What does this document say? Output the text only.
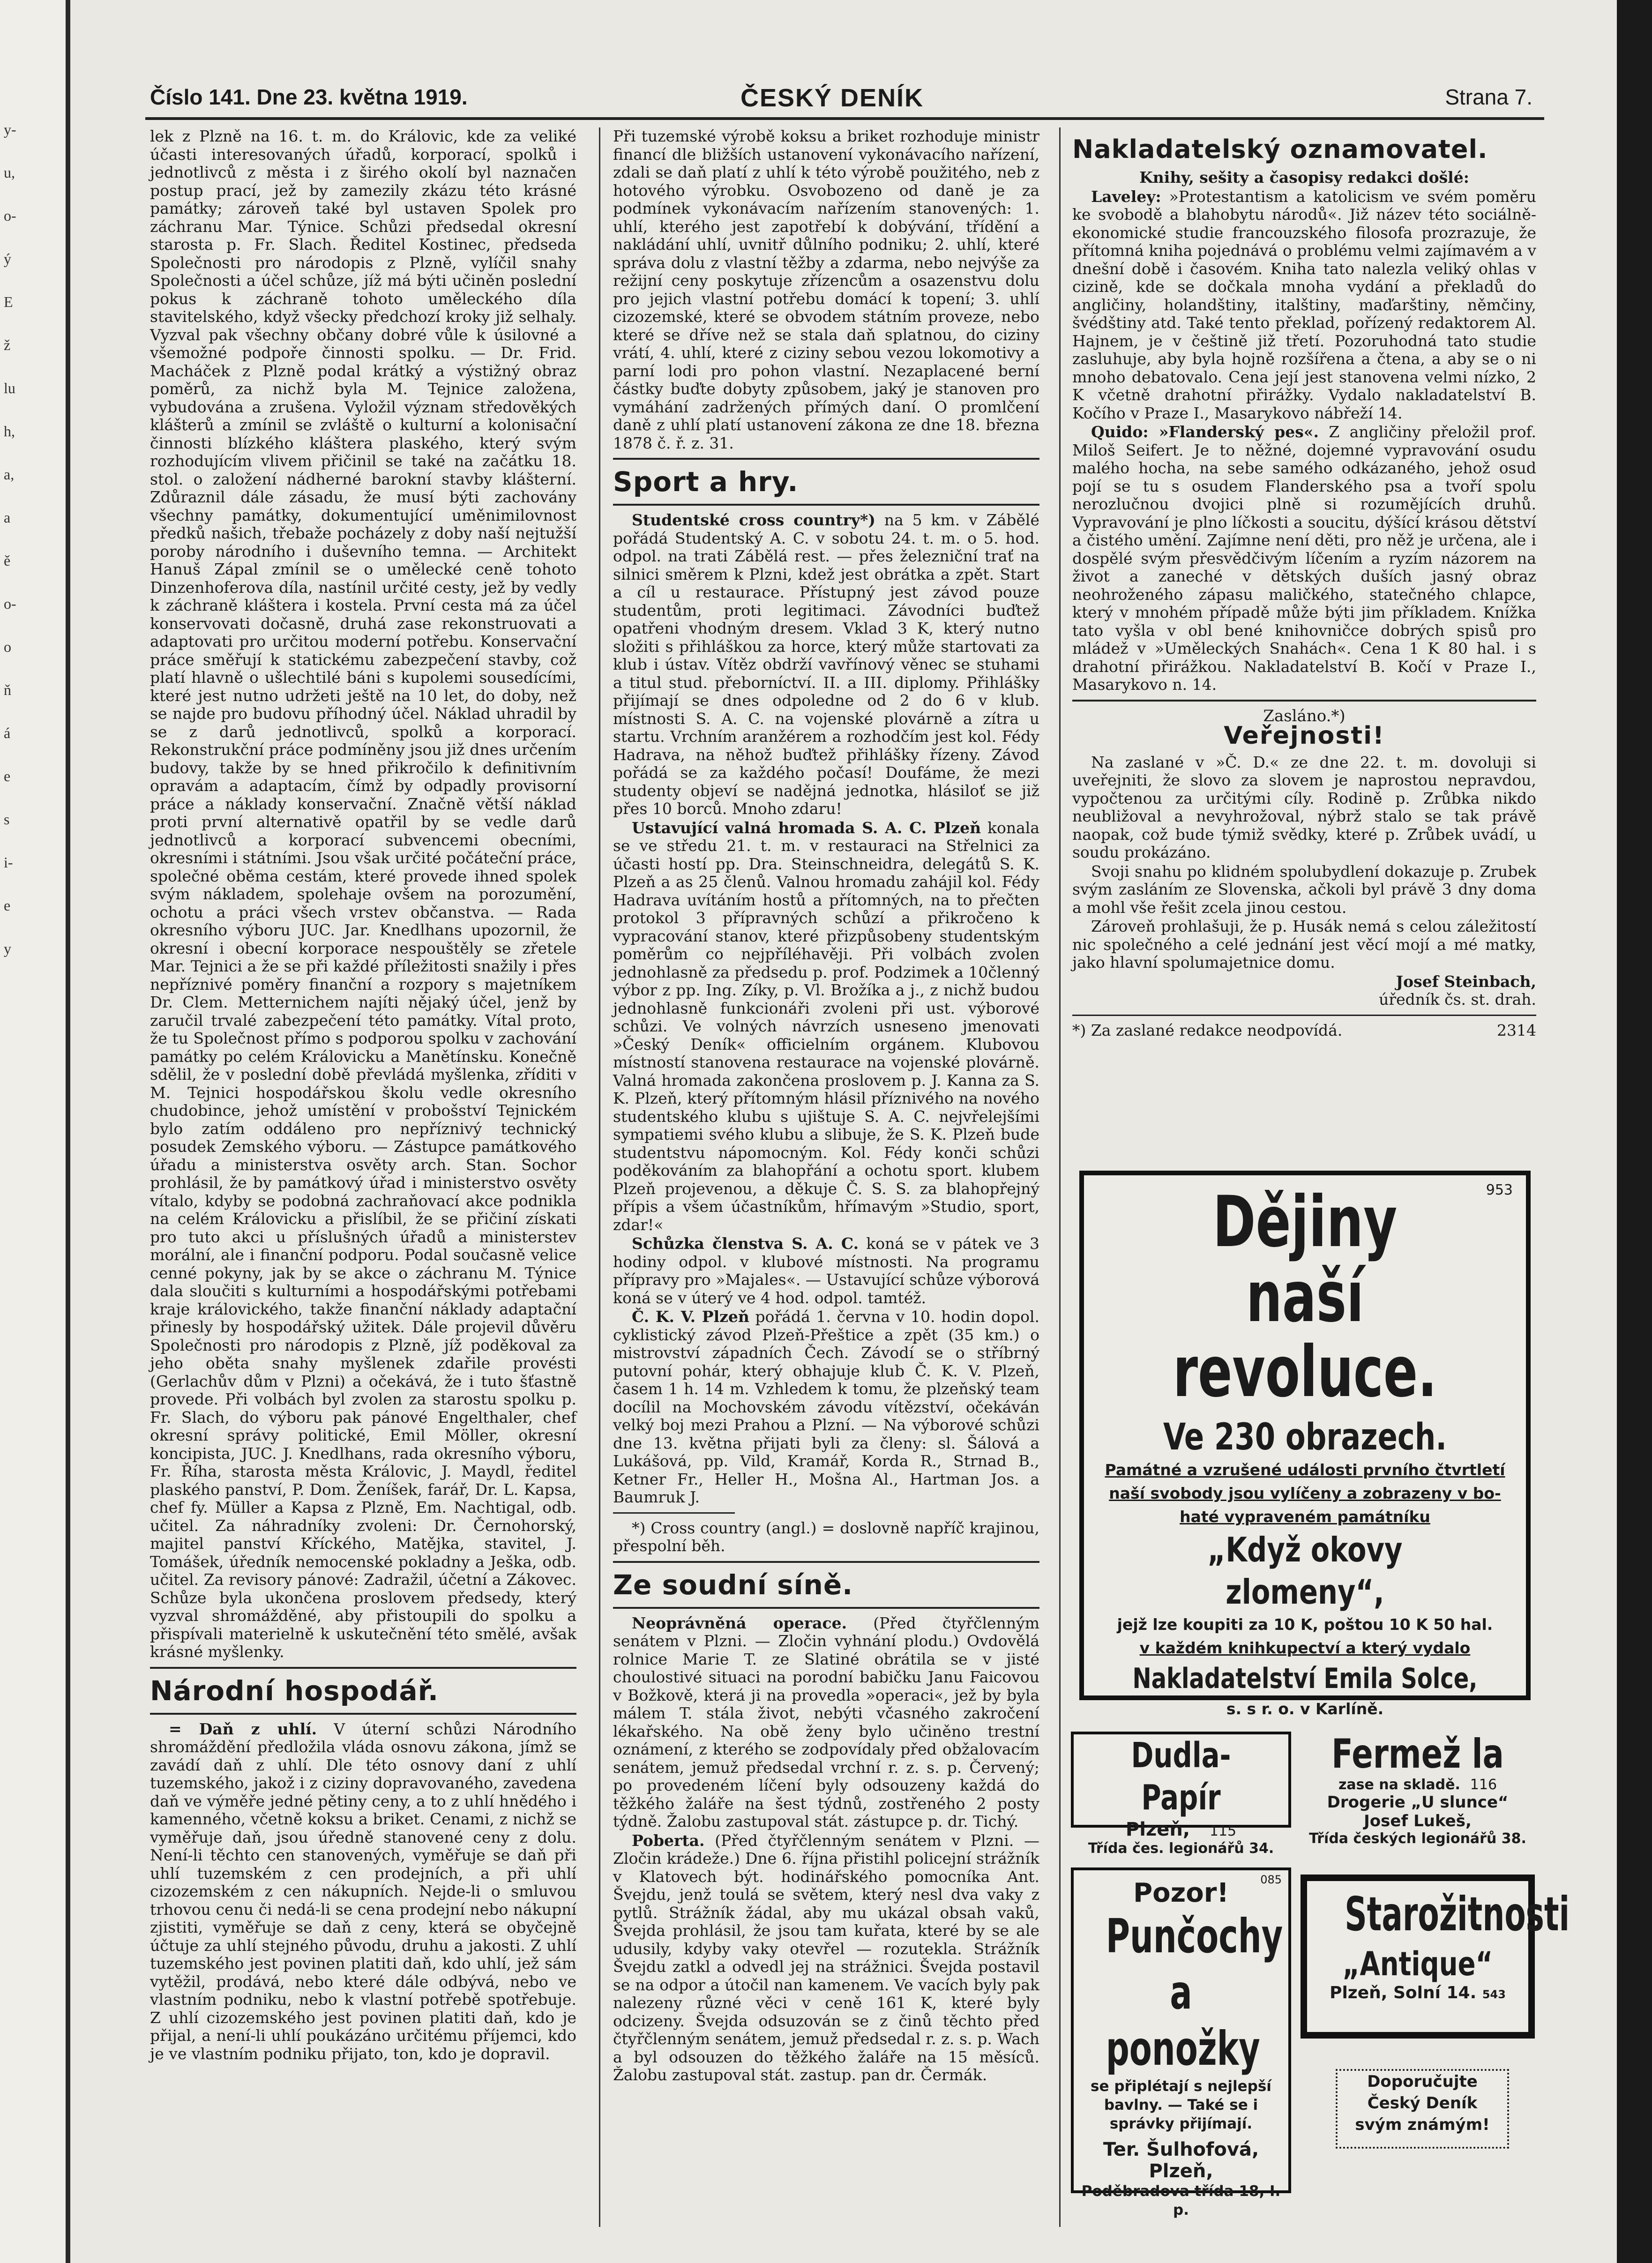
y-
u,
o-
ý
E
ž
lu
h,
a,
a
ě
o-
o
ň
á
e
s
i-
e
y
Číslo 141. Dne 23. května 1919.	ČESKÝ DENÍK	Strana 7.

lek z Plzně na 16. t. m. do Královic, kde za veliké účasti interesovaných úřadů, korporací, spolků i jednotlivců z města i z širého okolí byl naznačen postup prací, jež by zamezily zkázu této krásné památky; zároveň také byl ustaven Spolek pro záchranu Mar. Týnice. Schůzi předsedal okresní starosta p. Fr. Slach. Ředitel Kostinec, předseda Společnosti pro národopis z Plzně, vylíčil snahy Společnosti a účel schůze, jíž má býti učiněn poslední pokus k záchraně tohoto uměleckého díla stavitelského, když všecky předchozí kroky již selhaly. Vyzval pak všechny občany dobré vůle k úsilovné a všemožné podpoře činnosti spolku. — Dr. Frid. Macháček z Plzně podal krátký a výstižný obraz poměrů, za nichž byla M. Tejnice založena, vybudována a zrušena. Vyložil význam středověkých klášterů a zmínil se zvláště o kulturní a kolonisační činnosti blízkého kláštera plaského, který svým rozhodujícím vlivem přičinil se také na začátku 18. stol. o založení nádherné barokní stavby klášterní. Zdůraznil dále zásadu, že musí býti zachovány všechny památky, dokumentující uměnimilovnost předků našich, třebaže pocházely z doby naší nejtužší poroby národního i duševního temna. — Architekt Hanuš Zápal zmínil se o umělecké ceně tohoto Dinzenhoferova díla, nastínil určité cesty, jež by vedly k záchraně kláštera i kostela. První cesta má za účel konservovati dočasně, druhá zase rekonstruovati a adaptovati pro určitou moderní potřebu. Konservační práce směřují k statickému zabezpečení stavby, což platí hlavně o ušlechtilé báni s kupolemi sousedícími, které jest nutno udržeti ještě na 10 let, do doby, než se najde pro budovu příhodný účel. Náklad uhradil by se z darů jednotlivců, spolků a korporací. Rekonstrukční práce podmíněny jsou již dnes určením budovy, takže by se hned přikročilo k definitivním opravám a adaptacím, čímž by odpadly provisorní práce a náklady konservační. Značně větší náklad proti první alternativě opatřil by se vedle darů jednotlivců a korporací subvencemi obecními, okresními i státními. Jsou však určité počáteční práce, společné oběma cestám, které provede ihned spolek svým nákladem, spolehaje ovšem na porozumění, ochotu a práci všech vrstev občanstva. — Rada okresního výboru JUC. Jar. Knedlhans upozornil, že okresní i obecní korporace nespouštěly se zřetele Mar. Tejnici a že se při každé příležitosti snažily i přes nepříznivé poměry finanční a rozpory s majetníkem Dr. Clem. Metternichem najíti nějaký účel, jenž by zaručil trvalé zabezpečení této památky. Vítal proto, že tu Společnost přímo s podporou spolku v zachování památky po celém Královicku a Manětínsku. Konečně sdělil, že v poslední době převládá myšlenka, zříditi v M. Tejnici hospodářskou školu vedle okresního chudobince, jehož umístění v probošství Tejnickém bylo zatím oddáleno pro nepříznivý technický posudek Zemského výboru. — Zástupce památkového úřadu a ministerstva osvěty arch. Stan. Sochor prohlásil, že by památkový úřad i ministerstvo osvěty vítalo, kdyby se podobná zachraňovací akce podnikla na celém Královicku a přislíbil, že se přičiní získati pro tuto akci u příslušných úřadů a ministerstev morální, ale i finanční podporu. Podal současně velice cenné pokyny, jak by se akce o záchranu M. Týnice dala sloučiti s kulturními a hospodářskými potřebami kraje královického, takže finanční náklady adaptační přinesly by hospodářský užitek. Dále projevil důvěru Společnosti pro národopis z Plzně, jíž poděkoval za jeho oběta snahy myšlenek zdařile provésti (Gerlachův dům v Plzni) a očekává, že i tuto šťastně provede. Při volbách byl zvolen za starostu spolku p. Fr. Slach, do výboru pak pánové Engelthaler, chef okresní správy politické, Emil Möller, okresní koncipista, JUC. J. Knedlhans, rada okresního výboru, Fr. Říha, starosta města Královic, J. Maydl, ředitel plaského panství, P. Dom. Ženíšek, farář, Dr. L. Kapsa, chef fy. Müller a Kapsa z Plzně, Em. Nachtigal, odb. učitel. Za náhradníky zvoleni: Dr. Černohorský, majitel panství Kříckého, Matějka, stavitel, J. Tomášek, úředník nemocenské pokladny a Ješka, odb. učitel. Za revisory pánové: Zadražil, účetní a Zákovec. Schůze byla ukončena proslovem předsedy, který vyzval shromážděné, aby přistoupili do spolku a přispívali materielně k uskutečnění této smělé, avšak krásné myšlenky.

Národní hospodář.

= Daň z uhlí. V úterní schůzi Národního shromáždění předložila vláda osnovu zákona, jímž se zavádí daň z uhlí. Dle této osnovy daní z uhlí tuzemského, jakož i z ciziny dopravovaného, zavedena daň ve výměře jedné pětiny ceny, a to z uhlí hnědého i kamenného, včetně koksu a briket. Cenami, z nichž se vyměřuje daň, jsou úředně stanovené ceny z dolu. Není-li těchto cen stanovených, vyměřuje se daň při uhlí tuzemském z cen prodejních, a při uhlí cizozemském z cen nákupních. Nejde-li o smluvou trhovou cenu či nedá-li se cena prodejní nebo nákupní zjistiti, vyměřuje se daň z ceny, která se obyčejně účtuje za uhlí stejného původu, druhu a jakosti. Z uhlí tuzemského jest povinen platiti daň, kdo uhlí, jež sám vytěžil, prodává, nebo které dále odbývá, nebo ve vlastním podniku, nebo k vlastní potřebě spotřebuje. Z uhlí cizozemského jest povinen platiti daň, kdo je přijal, a není-li uhlí poukázáno určitému příjemci, kdo je ve vlastním podniku přijato, ton, kdo je dopravil.

Při tuzemské výrobě koksu a briket rozhoduje ministr financí dle bližších ustanovení vykonávacího nařízení, zdali se daň platí z uhlí k této výrobě použitého, neb z hotového výrobku. Osvobozeno od daně je za podmínek vykonávacím nařízením stanovených: 1. uhlí, kterého jest zapotřebí k dobývání, třídění a nakládání uhlí, uvnitř důlního podniku; 2. uhlí, které správa dolu z vlastní těžby a zdarma, nebo nejvýše za režijní ceny poskytuje zřízencům a osazenstvu dolu pro jejich vlastní potřebu domácí k topení; 3. uhlí cizozemské, které se obvodem státním proveze, nebo které se dříve než se stala daň splatnou, do ciziny vrátí, 4. uhlí, které z ciziny sebou vezou lokomotivy a parní lodi pro pohon vlastní. Nezaplacené berní částky buďte dobyty způsobem, jaký je stanoven pro vymáhání zadržených přímých daní. O promlčení daně z uhlí platí ustanovení zákona ze dne 18. března 1878 č. ř. z. 31.

Sport a hry.

Studentské cross country*) na 5 km. v Zábělé pořádá Studentský A. C. v sobotu 24. t. m. o 5. hod. odpol. na trati Zábělá rest. — přes železniční trať na silnici směrem k Plzni, kdež jest obrátka a zpět. Start a cíl u restaurace. Přístupný jest závod pouze studentům, proti legitimaci. Závodníci buďtež opatřeni vhodným dresem. Vklad 3 K, který nutno složiti s přihláškou za horce, který může startovati za klub i ústav. Vítěz obdrží vavřínový věnec se stuhami a titul stud. přeborníctví. II. a III. diplomy. Přihlášky přijímají se dnes odpoledne od 2 do 6 v klub. místnosti S. A. C. na vojenské plovárně a zítra u startu. Vrchním aranžérem a rozhodčím jest kol. Fédy Hadrava, na něhož buďtež přihlášky řízeny. Závod pořádá se za každého počasí! Doufáme, že mezi studenty objeví se nadějná jednotka, hlásiloť se již přes 10 borců. Mnoho zdaru!

Ustavující valná hromada S. A. C. Plzeň konala se ve středu 21. t. m. v restauraci na Střelnici za účasti hostí pp. Dra. Steinschneidra, delegátů S. K. Plzeň a as 25 členů. Valnou hromadu zahájil kol. Fédy Hadrava uvítáním hostů a přítomných, na to přečten protokol 3 přípravných schůzí a přikročeno k vypracování stanov, které přizpůsobeny studentským poměrům co nejpříléhavěji. Při volbách zvolen jednohlasně za předsedu p. prof. Podzimek a 10členný výbor z pp. Ing. Zíky, p. Vl. Brožíka a j., z nichž budou jednohlasně funkcionáři zvoleni při ust. výborové schůzi. Ve volných návrzích usneseno jmenovati »Český Deník« officielním orgánem. Klubovou místností stanovena restaurace na vojenské plovárně. Valná hromada zakončena proslovem p. J. Kanna za S. K. Plzeň, který přítomným hlásil příznivého na nového studentského klubu s ujištuje S. A. C. nejvřelejšími sympatiemi svého klubu a slibuje, že S. K. Plzeň bude studentstvu nápomocným. Kol. Fédy konči schůzi poděkováním za blahopřání a ochotu sport. klubem Plzeň projevenou, a děkuje Č. S. S. za blahopřejný přípis a všem účastníkům, hřímavým »Studio, sport, zdar!«

Schůzka členstva S. A. C. koná se v pátek ve 3 hodiny odpol. v klubové místnosti. Na programu přípravy pro »Majales«. — Ustavující schůze výborová koná se v úterý ve 4 hod. odpol. tamtéž.

Č. K. V. Plzeň pořádá 1. června v 10. hodin dopol. cyklistický závod Plzeň-Přeštice a zpět (35 km.) o mistrovství západních Čech. Závodí se o stříbrný putovní pohár, který obhajuje klub Č. K. V. Plzeň, časem 1 h. 14 m. Vzhledem k tomu, že plzeňský team docílil na Mochovském závodu vítězství, očekáván velký boj mezi Prahou a Plzní. — Na výborové schůzi dne 13. května přijati byli za členy: sl. Šálová a Lukášová, pp. Vild, Kramář, Korda R., Strnad B., Ketner Fr., Heller H., Mošna Al., Hartman Jos. a Baumruk J.

*) Cross country (angl.) = doslovně napříč krajinou, přespolní běh.

Ze soudní síně.

Neoprávněná operace. (Před čtyřčlenným senátem v Plzni. — Zločin vyhnání plodu.) Ovdovělá rolnice Marie T. ze Slatiné obrátila se v jisté choulostivé situaci na porodní babičku Janu Faicovou v Božkově, která ji na provedla »operaci«, jež by byla málem T. stála život, nebýti včasného zakročení lékařského. Na obě ženy bylo učiněno trestní oznámení, z kterého se zodpovídaly před obžalovacím senátem, jemuž předsedal vrchní r. z. s. p. Červený; po provedeném líčení byly odsouzeny každá do těžkého žaláře na šest týdnů, zostřeného 2 posty týdně. Žalobu zastupoval stát. zástupce p. dr. Tichý.

Pobertа. (Před čtyřčlenným senátem v Plzni. — Zločin krádeže.) Dne 6. října přistihl policejní strážník v Klatovech být. hodinářského pomocníka Ant. Švejdu, jenž toulá se světem, který nesl dva vaky z pytlů. Strážník žádal, aby mu ukázal obsah vaků, Švejda prohlásil, že jsou tam kuřata, které by se ale udusily, kdyby vaky otevřel — rozutekla. Strážník Švejdu zatkl a odvedl jej na strážnici. Švejda postavil se na odpor a útočil nan kamenem. Ve vacích byly pak nalezeny různé věci v ceně 161 K, které byly odcizeny. Švejda odsuzován se z činů těchto před čtyřčlenným senátem, jemuž předsedal r. z. s. p. Wach a byl odsouzen do těžkého žaláře na 15 měsíců. Žalobu zastupoval stát. zastup. pan dr. Čermák.

Nakladatelský oznamovatel.

Knihy, sešity a časopisy redakci došlé:

Laveley: »Protestantism a katolicism ve svém poměru ke svobodě a blahobytu národů«. Již název této sociálně-ekonomické studie francouzského filosofa prozrazuje, že přítomná kniha pojednává o problému velmi zajímavém a v dnešní době i časovém. Kniha tato nalezla veliký ohlas v cizině, kde se dočkala mnoha vydání a překladů do angličiny, holandštiny, italštiny, maďarštiny, němčiny, švédštiny atd. Také tento překlad, pořízený redaktorem Al. Hajnem, je v češtině již třetí. Pozoruhodná tato studie zasluhuje, aby byla hojně rozšířena a čtena, a aby se o ni mnoho debatovalo. Cena její jest stanovena velmi nízko, 2 K včetně drahotní přirážky. Vydalo nakladatelství B. Kočího v Praze I., Masarykovo nábřeží 14.

Quido: »Flanderský pes«. Z angličiny přeložil prof. Miloš Seifert. Je to něžné, dojemné vypravování osudu malého hocha, na sebe samého odkázaného, jehož osud pojí se tu s osudem Flanderského psa a tvoří spolu nerozlučnou dvojici plně si rozumějících druhů. Vypravování je plno líčkosti a soucitu, dýšící krásou dětství a čistého umění. Zajímne není děti, pro něž je určena, ale i dospělé svým přesvědčivým líčením a ryzím názorem na život a zaneché v dětských duších jasný obraz neohroženého zápasu maličkého, statečného chlapce, který v mnohém případě může býti jim příkladem. Knížka tato vyšla v obl bené knihovničce dobrých spisů pro mládež v »Uměleckých Snahách«. Cena 1 K 80 hal. i s drahotní přirážkou. Nakladatelství B. Kočí v Praze I., Masarykovo n. 14.

Zasláno.*)
Veřejnosti!

Na zaslané v »Č. D.« ze dne 22. t. m. dovoluji si uveřejniti, že slovo za slovem je naprostou nepravdou, vypočtenou za určitými cíly. Rodině p. Zrůbka nikdo neubližoval a nevyhrožoval, nýbrž stalo se tak právě naopak, což bude týmiž svědky, které p. Zrůbek uvádí, u soudu prokázáno.

Svoji snahu po klidném spolubydlení dokazuje p. Zrubek svým zasláním ze Slovenska, ačkoli byl právě 3 dny doma a mohl vše řešit zcela jinou cestou.

Zároveň prohlašuji, že p. Husák nemá s celou záležitostí nic společného a celé jednání jest věcí mojí a mé matky, jako hlavní spolumajetnice domu.

Josef Steinbach,
úředník čs. st. drah.
*) Za zaslané redakce neodpovídá.	2314
953
Dějiny
naší revoluce.
Ve 230 obrazech.
Památné a vzrušené události prvního čtvrtletí
naší svobody jsou vylíčeny a zobrazeny v bo-
haté vypraveném památníku
„Když okovy zlomeny“,
jejž lze koupiti za 10 K, poštou 10 K 50 hal.
v každém knihkupectví a který vydalo
Nakladatelství Emila Solce,
s. s r. o. v Karlíně.
Dudla-Papír
Plzeň, 115
Třída čes. legionářů 34.
Fermež la
zase na skladě. 116
Drogerie „U slunce“
Josef Lukeš,
Třída českých legionářů 38.
085
Pozor!
Punčochy
a ponožky
se připlétají s nejlepší bavlny. — Také se i správky přijímají.
Ter. Šulhofová,
Plzeň,
Poděbradova třída 18, I. p.
Starožitnosti
„Antique“
Plzeň, Solní 14. 543
Doporučujte
Český Deník
svým známým!
